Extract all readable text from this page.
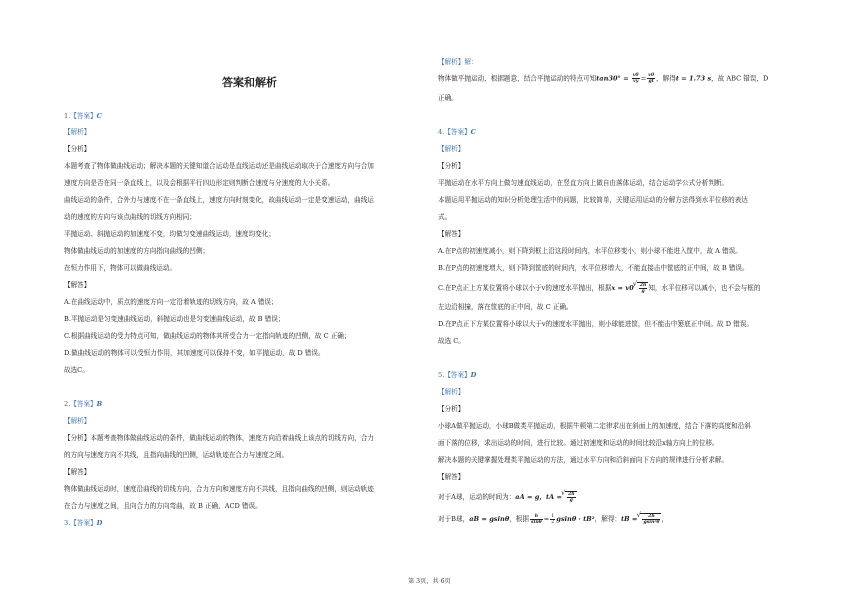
答案和解析
1.【答案】C
【解析】
【分析】
本题考查了物体做曲线运动；解决本题的关键知道合运动是直线运动还是曲线运动取决于合速度方向与合加
速度方向是否在同一条直线上，以及会根据平行四边形定则判断合速度与分速度的大小关系。
曲线运动的条件，合外力与速度不在一条直线上，速度方向时刻变化，故曲线运动一定是变速运动，曲线运
动的速度的方向与该点曲线的切线方向相同；
平抛运动、斜抛运动的加速度不变，均做匀变速曲线运动，速度均变化；
物体做曲线运动的加速度的方向指向曲线的凹侧；
在恒力作用下，物体可以做曲线运动。
【解答】
A.在曲线运动中，质点的速度方向一定沿着轨迹的切线方向，故 A 错误；
B.平抛运动是匀变速曲线运动，斜抛运动也是匀变速曲线运动，故 B 错误；
C.根据曲线运动的受力特点可知，做曲线运动的物体其所受合力一定指向轨迹的凹侧，故 C 正确；
D.做曲线运动的物体可以受恒力作用，其加速度可以保持不变，如平抛运动，故 D 错误。
故选C。
2.【答案】B
【解析】
【分析】本题考查物体做曲线运动的条件，做曲线运动的物体，速度方向沿着曲线上该点的切线方向，合力
的方向与速度方向不共线，且指向曲线的凹侧，运动轨迹在合力与速度之间。
【解答】
物体做曲线运动时，速度沿曲线的切线方向，合力方向和速度方向不共线，且指向曲线的凹侧，则运动轨迹
在合力与速度之间，且向合力的方向弯曲，故 B 正确，ACD 错误。
3.【答案】D
【解析】解：
物体做平抛运动，根据题意，结合平抛运动的特点可知$\tan 30^\circ = \frac{v0}{vy} = \frac{v0}{gt}$ ，解得t = 1.73 s，故 ABC 错误，D
正确。
4.【答案】C
【解析】
【分析】
平抛运动在水平方向上做匀速直线运动，在竖直方向上做自由落体运动，结合运动学公式分析判断。
本题运用平抛运动的知识分析处理生活中的问题，比较简单，关键运用运动的分解方法得到水平位移的表达
式。
【解答】
A.在P点的初速度减小，则下降到框上沿这段时间内，水平位移变小，则小球不能进入筐中，故 A 错误。
B.在P点的初速度增大，则下降到筐底的时间内，水平位移增大，不能直接击中筐底的正中间，故 B 错误。
C.在P点正上方某位置将小球以小于v的速度水平抛出，根据x = v0 √ $\frac{2h}{g}$ 知，水平位移可以减小，也不会与框的
左边沿相撞，落在筐底的正中间，故 C 正确。
D.在P点正下方某位置将小球以大于v的速度水平抛出，则小球能进筐，但不能击中篓底正中间。故 D 错误。
故选 C。
5.【答案】D
【解析】
【分析】
小球A做平抛运动，小球B做类平抛运动，根据牛顿第二定律求出在斜面上的加速度，结合下落的高度和沿斜
面下落的位移，求出运动的时间，进行比较。通过初速度和运动的时间比较沿x轴方向上的位移。
解决本题的关键掌握处理类平抛运动的方法，通过水平方向和沿斜面向下方向的规律进行分析求解。
【解答】
对于A球，运动的时间为：aA = g，tA = √ $\frac{2h}{g}$
对于B球，aB = gsinθ，根据 $\frac{h}{\sin\theta} = \frac{1}{2}$ gsinθ · tB²，解得：tB = √ $\frac{2h}{\text{gsin²θ}}$ ，
第 3页，共 6页
